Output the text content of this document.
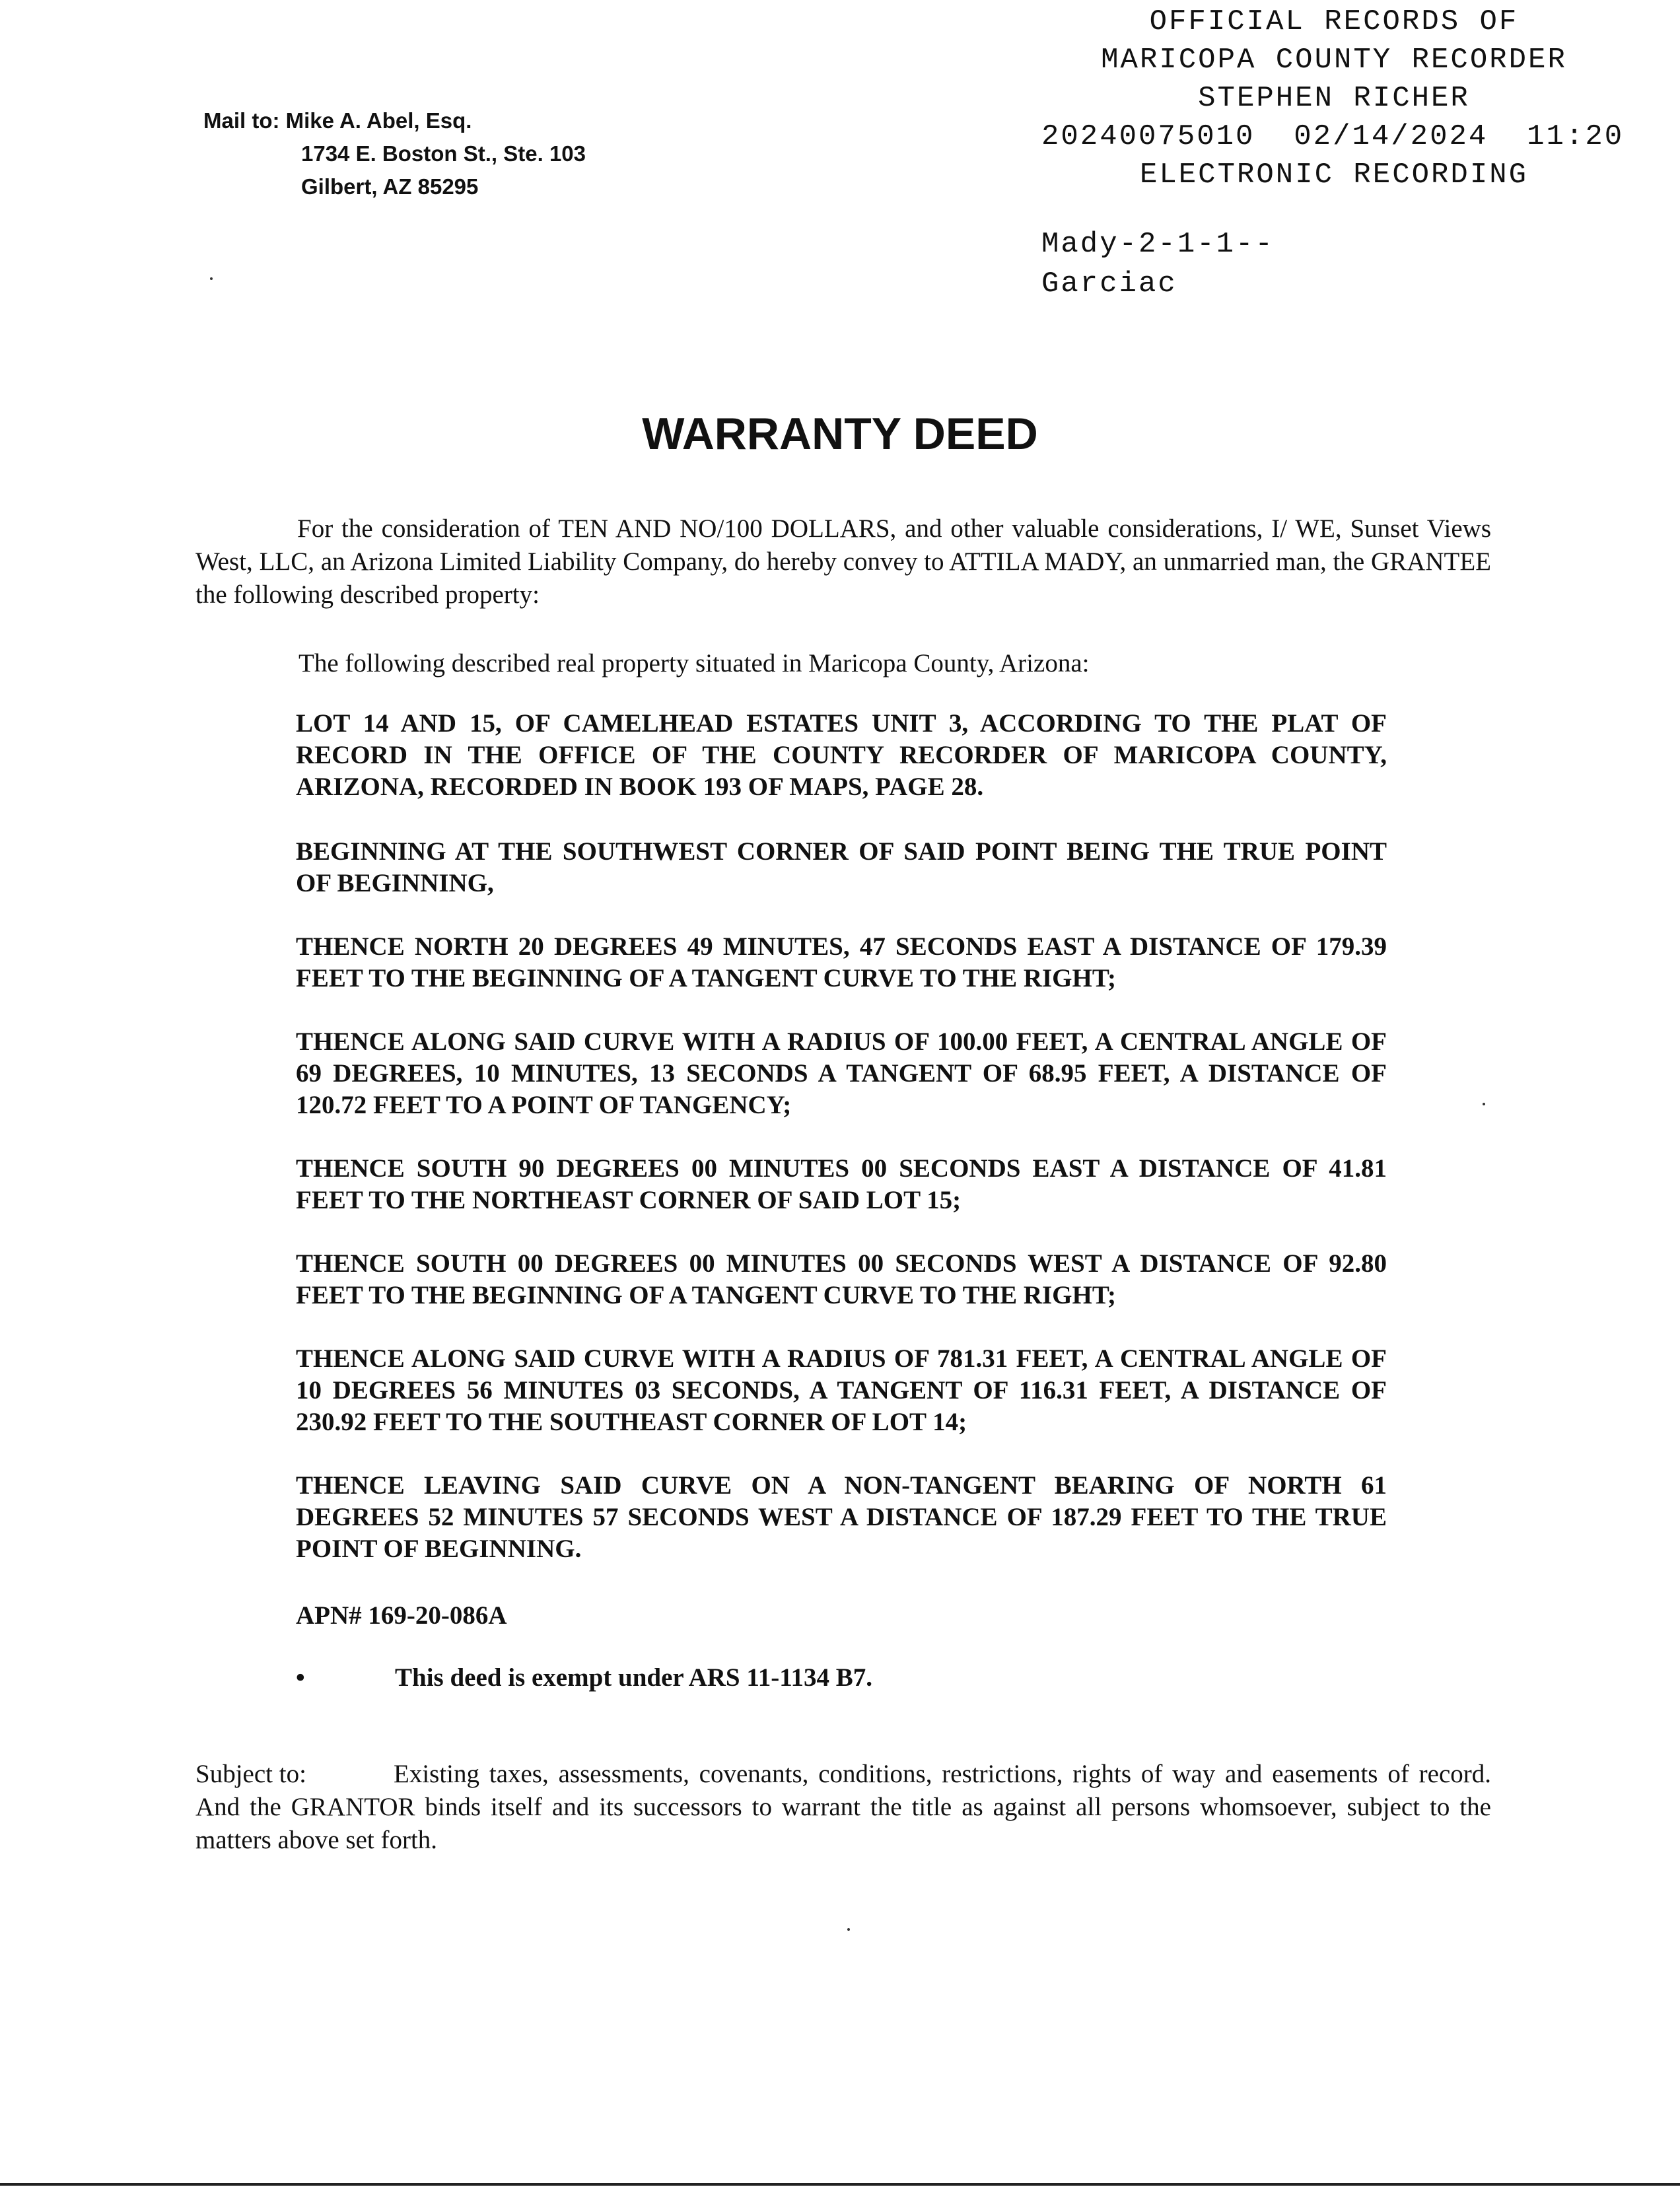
OFFICIAL RECORDS OF
MARICOPA COUNTY RECORDER
STEPHEN RICHER
20240075010  02/14/2024  11:20
ELECTRONIC RECORDING
Mady-2-1-1--
Garciac
Mail to: Mike A. Abel, Esq.
1734 E. Boston St., Ste. 103
Gilbert, AZ 85295
WARRANTY DEED
For the consideration of TEN AND NO/100 DOLLARS, and other valuable considerations, I/ WE, Sunset Views West, LLC, an Arizona Limited Liability Company, do hereby convey to ATTILA MADY, an unmarried man, the GRANTEE the following described property:
The following described real property situated in Maricopa County, Arizona:
LOT 14 AND 15, OF CAMELHEAD ESTATES UNIT 3, ACCORDING TO THE PLAT OF RECORD IN THE OFFICE OF THE COUNTY RECORDER OF MARICOPA COUNTY, ARIZONA, RECORDED IN BOOK 193 OF MAPS, PAGE 28.
BEGINNING AT THE SOUTHWEST CORNER OF SAID POINT BEING THE TRUE POINT OF BEGINNING,
THENCE NORTH 20 DEGREES 49 MINUTES, 47 SECONDS EAST A DISTANCE OF 179.39 FEET TO THE BEGINNING OF A TANGENT CURVE TO THE RIGHT;
THENCE ALONG SAID CURVE WITH A RADIUS OF 100.00 FEET, A CENTRAL ANGLE OF 69 DEGREES, 10 MINUTES, 13 SECONDS A TANGENT OF 68.95 FEET, A DISTANCE OF 120.72 FEET TO A POINT OF TANGENCY;
THENCE SOUTH 90 DEGREES 00 MINUTES 00 SECONDS EAST A DISTANCE OF 41.81 FEET TO THE NORTHEAST CORNER OF SAID LOT 15;
THENCE SOUTH 00 DEGREES 00 MINUTES 00 SECONDS WEST A DISTANCE OF 92.80 FEET TO THE BEGINNING OF A TANGENT CURVE TO THE RIGHT;
THENCE ALONG SAID CURVE WITH A RADIUS OF 781.31 FEET, A CENTRAL ANGLE OF 10 DEGREES 56 MINUTES 03 SECONDS, A TANGENT OF 116.31 FEET, A DISTANCE OF 230.92 FEET TO THE SOUTHEAST CORNER OF LOT 14;
THENCE LEAVING SAID CURVE ON A NON-TANGENT BEARING OF NORTH 61 DEGREES 52 MINUTES 57 SECONDS WEST A DISTANCE OF 187.29 FEET TO THE TRUE POINT OF BEGINNING.
APN# 169-20-086A
•	This deed is exempt under ARS 11-1134 B7.
Subject to:	Existing taxes, assessments, covenants, conditions, restrictions, rights of way and easements of record. And the GRANTOR binds itself and its successors to warrant the title as against all persons whomsoever, subject to the matters above set forth.
